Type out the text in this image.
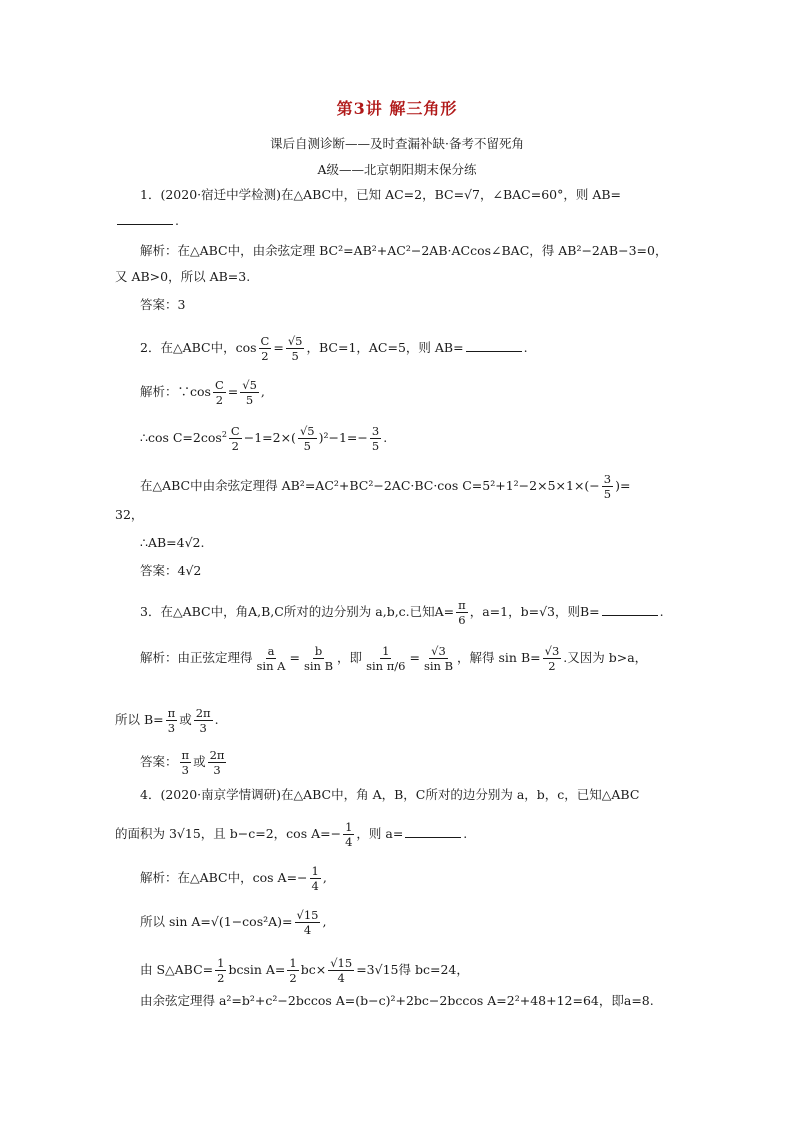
第3讲 解三角形
课后自测诊断——及时查漏补缺·备考不留死角
A级——北京朝阳期末保分练
1．(2020·宿迁中学检测)在△ABC中，已知 AC=2，BC=√7，∠BAC=60°，则 AB=
.
解析：在△ABC中，由余弦定理 BC²=AB²+AC²−2AB·ACcos∠BAC，得 AB²−2AB−3=0，
又 AB>0，所以 AB=3.
答案：3
2．在△ABC中，$\cos \frac{C}{2} = \frac{√5}{5}$ ，BC=1，AC=5，则 AB=	.
解析：∵cos $\frac{C}{2} = \frac{√5}{5}$ ,
∴cos $C=2\cos^2 \frac{C}{2} -1=2\times( \frac{√5}{5} )^2-1=- \frac{3}{5}$ .
在△ABC中由余弦定理得 AB²=AC²+BC²−2AC·BC·cos $C=5^2+1^2-2\times 5\times 1\times(- \frac{3}{5}$ )=
32，
∴AB=4√2.
答案：4√2
3．在△ABC中，角A,B,C所对的边分别为 a,b,c.已知$A= \frac{\pi}{6}$ ，a=1，b=√3，则B=	.
解析：由正弦定理得 $\frac{a}{\text{sin A}} = \frac{b}{\text{sin B}}$ ，即 $\frac{1}{\text{sin π/6}} = \frac{√3}{\text{sin B}}$ ，解得 $\sin B= \frac{√3}{2}$ .又因为 b>a，
所以 $B= \frac{\pi}{3}$ 或 $\frac{2\pi}{3}$ .
答案： $\frac{\pi}{3}$ 或 $\frac{2\pi}{3}$
4．(2020·南京学情调研)在△ABC中，角 A，B，C所对的边分别为 a，b，c，已知△ABC
的面积为 3√15，且 b−c=2，$\cos A=- \frac{1}{4}$ ，则 a=	.
解析：在△ABC中，$\cos A=- \frac{1}{4}$ ,
所以 $\sin A=√(1-\cos^2A)= \frac{√15}{4}$ ,
由 S△ABC= $\frac{1}{2}$ bcsin $A= \frac{1}{2} bc\times \frac{√15}{4} =3√15$得 bc=24，
由余弦定理得 a²=b²+c²−2bccos A=(b−c)²+2bc−2bccos A=2²+48+12=64，即a=8.
